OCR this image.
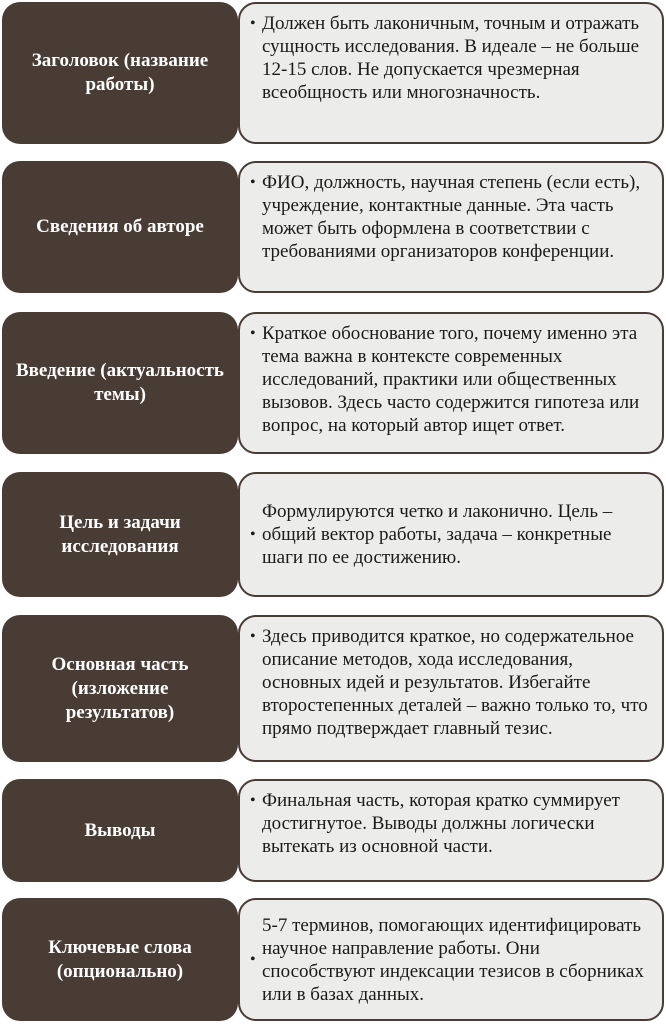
Заголовок (название работы)
• Должен быть лаконичным, точным и отражать сущность исследования. В идеале – не больше 12-15 слов. Не допускается чрезмерная всеобщность или многозначность.
Сведения об авторе
• ФИО, должность, научная степень (если есть), учреждение, контактные данные. Эта часть может быть оформлена в соответствии с требованиями организаторов конференции.
Введение (актуальность темы)
• Краткое обоснование того, почему именно эта тема важна в контексте современных исследований, практики или общественных вызовов. Здесь часто содержится гипотеза или вопрос, на который автор ищет ответ.
Цель и задачи исследования
•
Формулируются четко и лаконично. Цель – общий вектор работы, задача – конкретные шаги по ее достижению.
Основная часть (изложение результатов)
• Здесь приводится краткое, но содержательное описание методов, хода исследования, основных идей и результатов. Избегайте второстепенных деталей – важно только то, что прямо подтверждает главный тезис.
Выводы
• Финальная часть, которая кратко суммирует достигнутое. Выводы должны логически вытекать из основной части.
Ключевые слова (опционально)
•
5-7 терминов, помогающих идентифицировать научное направление работы. Они способствуют индексации тезисов в сборниках или в базах данных.
